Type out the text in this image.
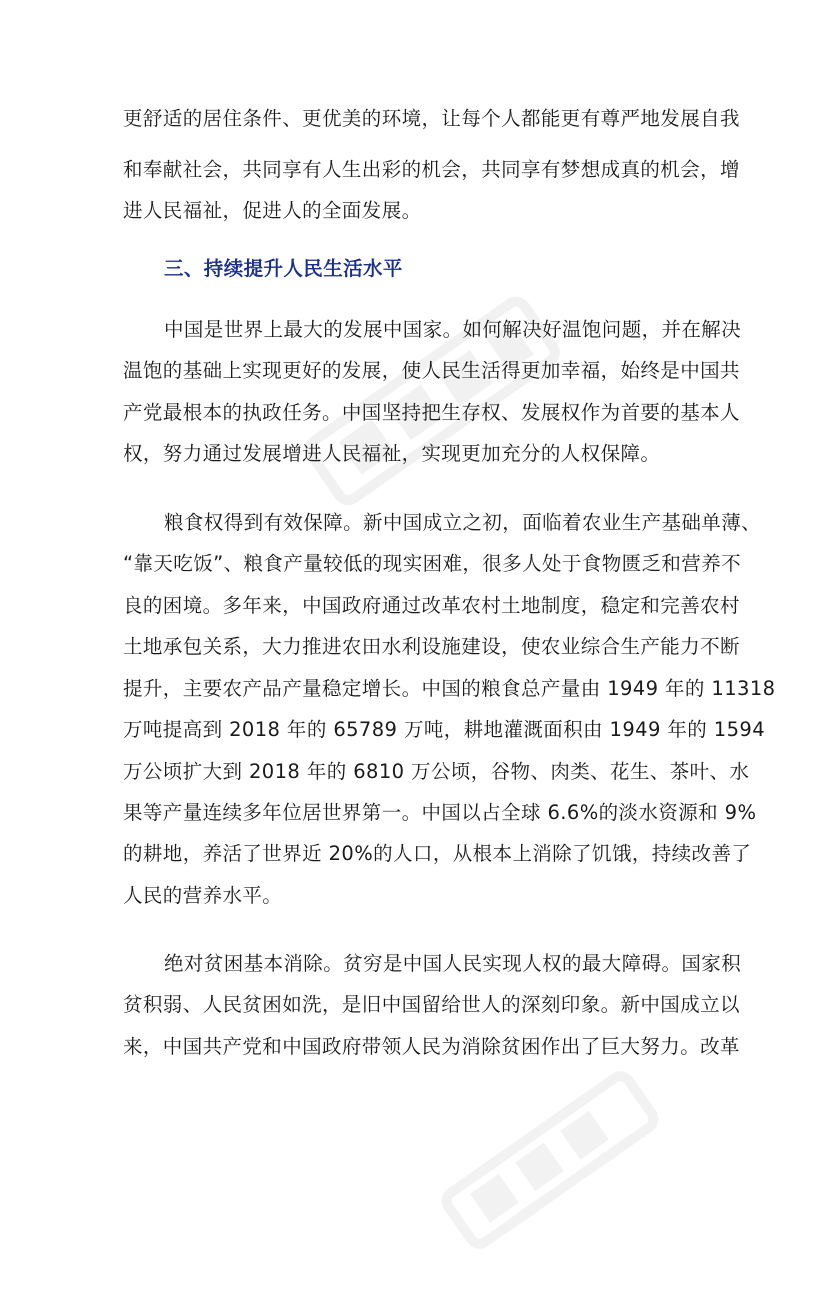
更舒适的居住条件、更优美的环境，让每个人都能更有尊严地发展自我
和奉献社会，共同享有人生出彩的机会，共同享有梦想成真的机会，增
进人民福祉，促进人的全面发展。
三、持续提升人民生活水平
中国是世界上最大的发展中国家。如何解决好温饱问题，并在解决
温饱的基础上实现更好的发展，使人民生活得更加幸福，始终是中国共
产党最根本的执政任务。中国坚持把生存权、发展权作为首要的基本人
权，努力通过发展增进人民福祉，实现更加充分的人权保障。
粮食权得到有效保障。新中国成立之初，面临着农业生产基础单薄、
“靠天吃饭”、粮食产量较低的现实困难，很多人处于食物匮乏和营养不
良的困境。多年来，中国政府通过改革农村土地制度，稳定和完善农村
土地承包关系，大力推进农田水利设施建设，使农业综合生产能力不断
提升，主要农产品产量稳定增长。中国的粮食总产量由 1949 年的 11318
万吨提高到 2018 年的 65789 万吨，耕地灌溉面积由 1949 年的 1594
万公顷扩大到 2018 年的 6810 万公顷，谷物、肉类、花生、茶叶、水
果等产量连续多年位居世界第一。中国以占全球 6.6%的淡水资源和 9%
的耕地，养活了世界近 20%的人口，从根本上消除了饥饿，持续改善了
人民的营养水平。
绝对贫困基本消除。贫穷是中国人民实现人权的最大障碍。国家积
贫积弱、人民贫困如洗，是旧中国留给世人的深刻印象。新中国成立以
来，中国共产党和中国政府带领人民为消除贫困作出了巨大努力。改革
